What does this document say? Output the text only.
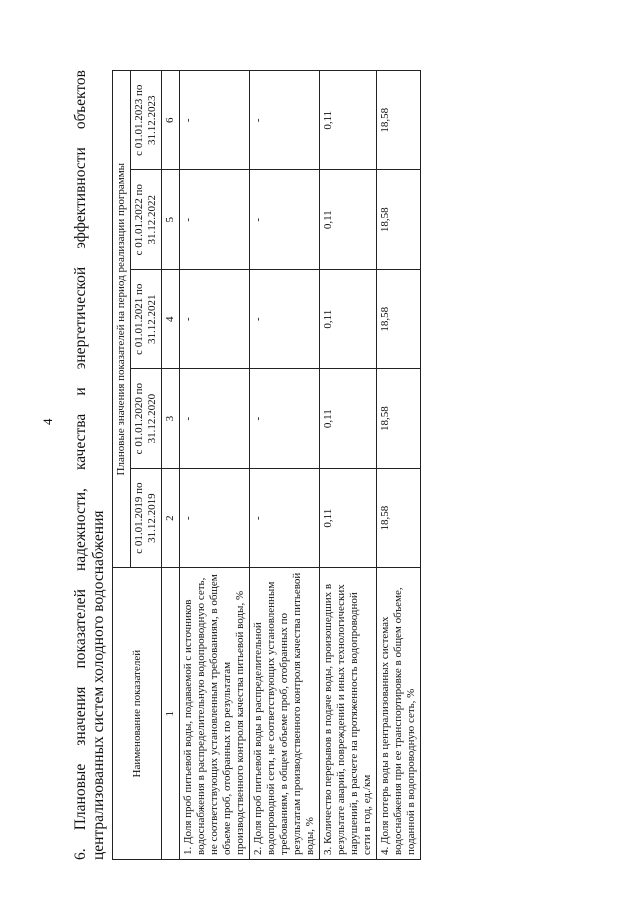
4 6. Плановые значения показателей надежности, качества и энергетической эффективности объектов централизованных систем холодного водоснабжения Наименование показателей	Плановые значения показателей на период реализации программы				
	с 01.01.2019 по 31.12.2019	с 01.01.2020 по 31.12.2020	с 01.01.2021 по 31.12.2021	с 01.01.2022 по 31.12.2022	с 01.01.2023 по 31.12.2023
1	2	3	4	5	6
1. Доля проб питьевой воды, подаваемой с источников водоснабжения в распределительную водопроводную сеть, не соответствующих установленным требованиям, в общем объеме проб, отобранных по результатам производственного контроля качества питьевой воды, %	-	-	-	-	-
2. Доля проб питьевой воды в распределительной водопроводной сети, не соответствующих установленным требованиям, в общем объеме проб, отобранных по результатам производственного контроля качества питьевой воды, %	-	-	-	-	-
3. Количество перерывов в подаче воды, произошедших в результате аварий, повреждений и иных технологических нарушений, в расчете на протяженность водопроводной сети в год, ед./км	0,11	0,11	0,11	0,11	0,11
4. Доля потерь воды в централизованных системах водоснабжения при ее транспортировке в общем объеме, поданной в водопроводную сеть, %	18,58	18,58	18,58	18,58	18,58
